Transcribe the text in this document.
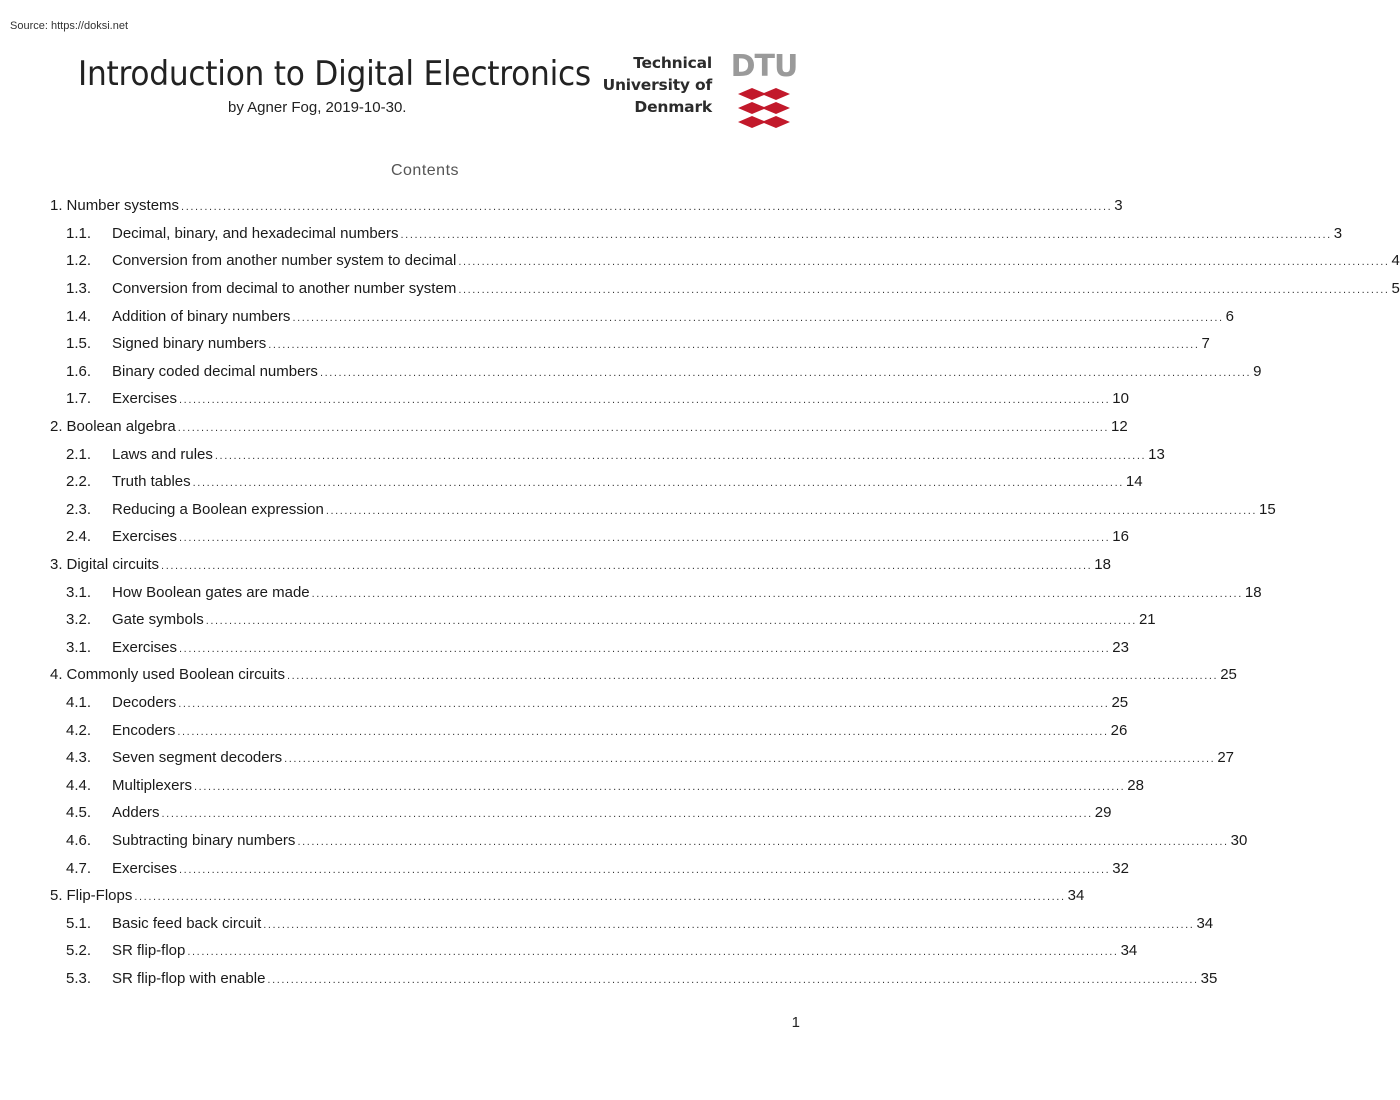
Source: https://doksi.net
Introduction to Digital Electronics
by Agner Fog, 2019-10-30.
Technical
University of
Denmark
DTU
Contents
1. Number systems ........................................................................................................................................................................................................ 3
1.1.	Decimal, binary, and hexadecimal numbers ........................................................................................................................................................................................................ 3
1.2.	Conversion from another number system to decimal ........................................................................................................................................................................................................ 4
1.3.	Conversion from decimal to another number system ........................................................................................................................................................................................................ 5
1.4.	Addition of binary numbers ........................................................................................................................................................................................................ 6
1.5.	Signed binary numbers ........................................................................................................................................................................................................ 7
1.6.	Binary coded decimal numbers ........................................................................................................................................................................................................ 9
1.7.	Exercises ........................................................................................................................................................................................................ 10
2. Boolean algebra ........................................................................................................................................................................................................ 12
2.1.	Laws and rules ........................................................................................................................................................................................................ 13
2.2.	Truth tables ........................................................................................................................................................................................................ 14
2.3.	Reducing a Boolean expression ........................................................................................................................................................................................................ 15
2.4.	Exercises ........................................................................................................................................................................................................ 16
3. Digital circuits ........................................................................................................................................................................................................ 18
3.1.	How Boolean gates are made ........................................................................................................................................................................................................ 18
3.2.	Gate symbols ........................................................................................................................................................................................................ 21
3.1.	Exercises ........................................................................................................................................................................................................ 23
4. Commonly used Boolean circuits ........................................................................................................................................................................................................ 25
4.1.	Decoders ........................................................................................................................................................................................................ 25
4.2.	Encoders ........................................................................................................................................................................................................ 26
4.3.	Seven segment decoders ........................................................................................................................................................................................................ 27
4.4.	Multiplexers ........................................................................................................................................................................................................ 28
4.5.	Adders ........................................................................................................................................................................................................ 29
4.6.	Subtracting binary numbers ........................................................................................................................................................................................................ 30
4.7.	Exercises ........................................................................................................................................................................................................ 32
5. Flip-Flops ........................................................................................................................................................................................................ 34
5.1.	Basic feed back circuit ........................................................................................................................................................................................................ 34
5.2.	SR flip-flop ........................................................................................................................................................................................................ 34
5.3.	SR flip-flop with enable ........................................................................................................................................................................................................ 35
1
